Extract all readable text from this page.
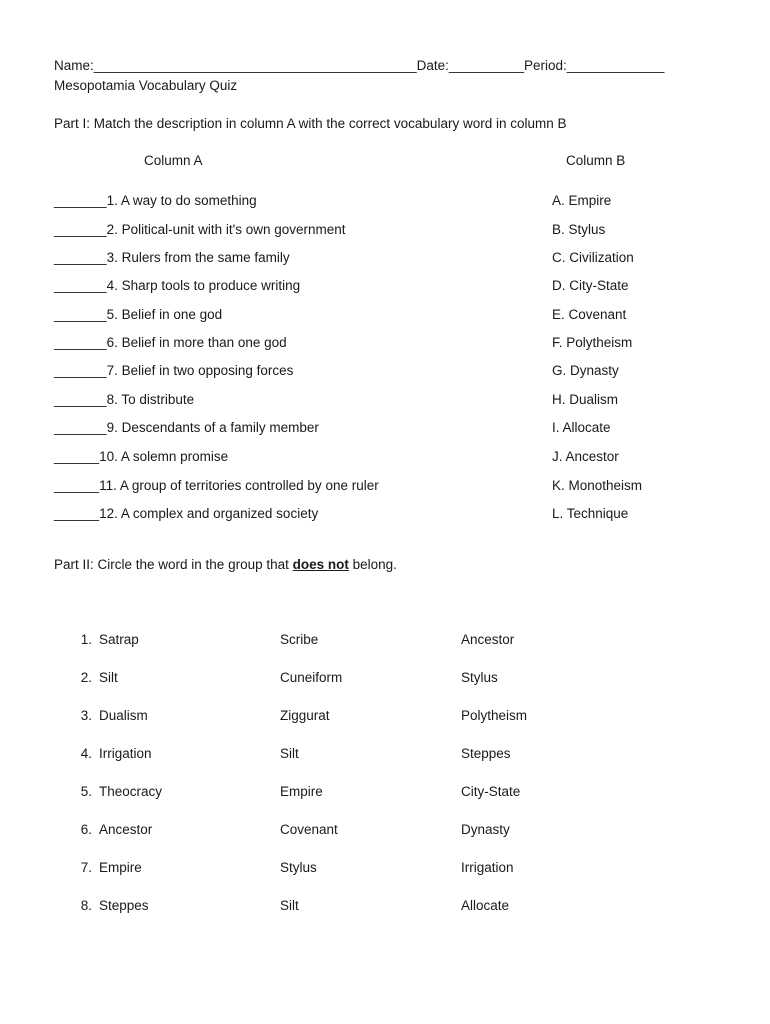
Name:___________________________________________Date:__________Period:_____________
Mesopotamia Vocabulary Quiz
Part I: Match the description in column A with the correct vocabulary word in column B
Column A	Column B
_______1. A way to do something	A. Empire
_______2. Political-unit with it's own government	B. Stylus
_______3. Rulers from the same family	C. Civilization
_______4. Sharp tools to produce writing	D. City-State
_______5. Belief in one god	E. Covenant
_______6. Belief in more than one god	F. Polytheism
_______7. Belief in two opposing forces	G. Dynasty
_______8. To distribute	H. Dualism
_______9. Descendants of a family member	I. Allocate
______10. A solemn promise	J. Ancestor
______11. A group of territories controlled by one ruler	K. Monotheism
______12. A complex and organized society	L. Technique
Part II: Circle the word in the group that does not belong.
1. Satrap	Scribe	Ancestor
2. Silt	Cuneiform	Stylus
3. Dualism	Ziggurat	Polytheism
4. Irrigation	Silt	Steppes
5. Theocracy	Empire	City-State
6. Ancestor	Covenant	Dynasty
7. Empire	Stylus	Irrigation
8. Steppes	Silt	Allocate
